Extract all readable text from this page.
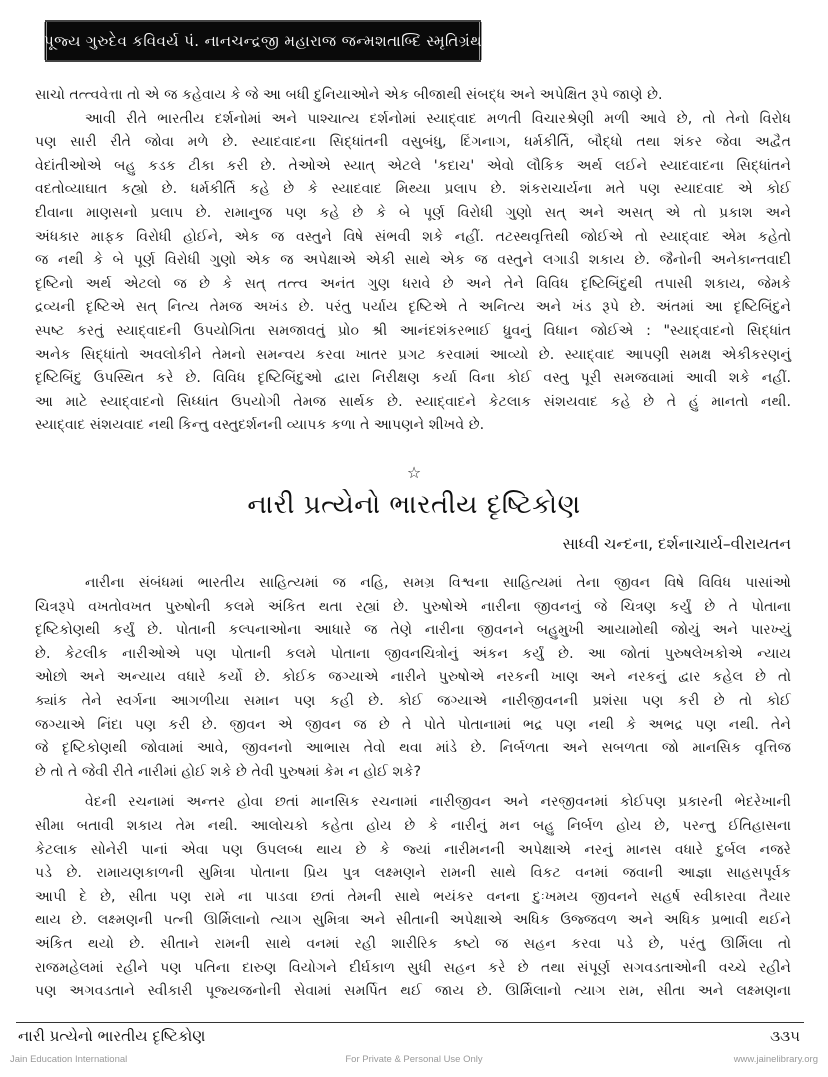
પૂજ્ય ગુરુદેવ કવિવર્ય પં. નાનચન્દ્રજી મહારાજ જન્મશતાબ્દિ સ્મૃતિગ્રંથ

સાચો તત્ત્વવેત્તા તો એ જ કહેવાય કે જે આ બધી દુનિયાઓને એક બીજાથી સંબદ્ધ અને અપેક્ષિત રૂપે જાણે છે.

આવી રીતે ભારતીય દર્શનોમાં અને પાશ્ચાત્ય દર્શનોમાં સ્યાદ્‌વાદ મળતી વિચારશ્રેણી મળી આવે છે, તો તેનો વિરોધ

પણ સારી રીતે જોવા મળે છે. સ્યાદવાદના સિદ્ધાંતની વસુબંધુ, દિંગનાગ, ધર્મકીર્તિ, બૌદ્ધો તથા શંકર જેવા અદ્વૈત

વેદાંતીઓએ બહુ કડક ટીકા કરી છે. તેઓએ સ્યાત્ એટલે 'કદાચ' એવો લૌકિક અર્થ લઈને સ્યાદવાદના સિદ્ધાંતને

વદતોવ્યાઘાત કહ્યો છે. ધર્મકીર્તિ કહે છે કે સ્યાદવાદ મિથ્યા પ્રલાપ છે. શંકરાચાર્યના મતે પણ સ્યાદવાદ એ કોઈ

દીવાના માણસનો પ્રલાપ છે. રામાનુજ પણ કહે છે કે બે પૂર્ણ વિરોધી ગુણો સત્ અને અસત્ એ તો પ્રકાશ અને

અંધકાર માફક વિરોધી હોઈને, એક જ વસ્તુને વિષે સંભવી શકે નહીં. તટસ્થવૃત્તિથી જોઈએ તો સ્યાદ્‌વાદ એમ કહેતો

જ નથી કે બે પૂર્ણ વિરોધી ગુણો એક જ અપેક્ષાએ એકી સાથે એક જ વસ્તુને લગાડી શકાય છે. જૈનોની અનેકાન્તવાદી

દૃષ્ટિનો અર્થ એટલો જ છે કે સત્ તત્ત્વ અનંત ગુણ ધરાવે છે અને તેને વિવિધ દૃષ્ટિબિંદુથી તપાસી શકાય, જેમકે

દ્રવ્યની દૃષ્ટિએ સત્ નિત્ય તેમજ અખંડ છે. પરંતુ પર્યાય દૃષ્ટિએ તે અનિત્ય અને ખંડ રૂપે છે. અંતમાં આ દૃષ્ટિબિંદુને

સ્પષ્ટ કરતું સ્યાદ્‌વાદની ઉપયોગિતા સમજાવતું પ્રો૦ શ્રી આનંદશંકરભાઈ ધ્રુવનું વિધાન જોઈએ : "સ્યાદ્‌વાદનો સિદ્ધાંત

અનેક સિદ્ધાંતો અવલોકીને તેમનો સમન્વય કરવા ખાતર પ્રગટ કરવામાં આવ્યો છે. સ્યાદ્‌વાદ આપણી સમક્ષ એકીકરણનું

દૃષ્ટિબિંદુ ઉપસ્થિત કરે છે. વિવિધ દૃષ્ટિબિંદુઓ દ્વારા નિરીક્ષણ કર્યા વિના કોઈ વસ્તુ પૂરી સમજવામાં આવી શકે નહીં.

આ માટે સ્યાદ્‌વાદનો સિધ્ધાંત ઉપયોગી તેમજ સાર્થક છે. સ્યાદ્‌વાદને કેટલાક સંશયવાદ કહે છે તે હું માનતો નથી.

સ્યાદ્‌વાદ સંશયવાદ નથી કિન્તુ વસ્તુદર્શનની વ્યાપક કળા તે આપણને શીખવે છે.

☆
નારી પ્રત્યેનો ભારતીય દૃષ્ટિકોણ
સાધ્વી ચન્દના, દર્શનાચાર્ય–વીરાયતન

નારીના સંબંધમાં ભારતીય સાહિત્યમાં જ નહિ, સમગ્ર વિશ્વના સાહિત્યમાં તેના જીવન વિષે વિવિધ પાસાંઓ

ચિત્રરૂપે વખતોવખત પુરુષોની કલમે અંકિત થતા રહ્યાં છે. પુરુષોએ નારીના જીવનનું જે ચિત્રણ કર્યું છે તે પોતાના

દૃષ્ટિકોણથી કર્યું છે. પોતાની કલ્પનાઓના આધારે જ તેણે નારીના જીવનને બહુમુખી આયામોથી જોયું અને પારખ્યું

છે. કેટલીક નારીઓએ પણ પોતાની કલમે પોતાના જીવનચિત્રોનું અંકન કર્યું છે. આ જોતાં પુરુષલેખકોએ ન્યાય

ઓછો અને અન્યાય વધારે કર્યો છે. કોઈક જગ્યાએ નારીને પુરુષોએ નરકની ખાણ અને નરકનું દ્વાર કહેલ છે તો

ક્યાંક તેને સ્વર્ગના આગળીયા સમાન પણ કહી છે. કોઈ જગ્યાએ નારીજીવનની પ્રશંસા પણ કરી છે તો કોઈ

જગ્યાએ નિંદા પણ કરી છે. જીવન એ જીવન જ છે તે પોતે પોતાનામાં ભદ્ર પણ નથી કે અભદ્ર પણ નથી. તેને

જે દૃષ્ટિકોણથી જોવામાં આવે, જીવનનો આભાસ તેવો થવા માંડે છે. નિર્બળતા અને સબળતા જો માનસિક વૃત્તિજ

છે તો તે જેવી રીતે નારીમાં હોઈ શકે છે તેવી પુરુષમાં કેમ ન હોઈ શકે?

વેદની રચનામાં અન્તર હોવા છતાં માનસિક રચનામાં નારીજીવન અને નરજીવનમાં કોઈપણ પ્રકારની ભેદરેખાની

સીમા બતાવી શકાય તેમ નથી. આલોચકો કહેતા હોય છે કે નારીનું મન બહુ નિર્બળ હોય છે, પરન્તુ ઈતિહાસના

કેટલાક સોનેરી પાનાં એવા પણ ઉપલબ્ધ થાય છે કે જ્યાં નારીમનની અપેક્ષાએ નરનું માનસ વધારે દુર્બલ નજરે

પડે છે. રામાયણકાળની સુમિત્રા પોતાના પ્રિય પુત્ર લક્ષ્મણને રામની સાથે વિકટ વનમાં જવાની આજ્ઞા સાહસપૂર્વક

આપી દે છે, સીતા પણ રામે ના પાડવા છતાં તેમની સાથે ભયંકર વનના દુઃખમય જીવનને સહર્ષ સ્વીકારવા તૈયાર

થાય છે. લક્ષ્મણની પત્ની ઊર્મિલાનો ત્યાગ સુમિત્રા અને સીતાની અપેક્ષાએ અધિક ઉજ્જવળ અને અધિક પ્રભાવી થઈને

અંકિત થયો છે. સીતાને રામની સાથે વનમાં રહી શારીરિક કષ્ટો જ સહન કરવા પડે છે, પરંતુ ઊર્મિલા તો

રાજમહેલમાં રહીને પણ પતિના દારુણ વિયોગને દીર્ઘકાળ સુધી સહન કરે છે તથા સંપૂર્ણ સગવડતાઓની વચ્ચે રહીને

પણ અગવડતાને સ્વીકારી પૂજ્યજનોની સેવામાં સમર્પિત થઈ જાય છે. ઊર્મિલાનો ત્યાગ રામ, સીતા અને લક્ષ્મણના

નારી પ્રત્યેનો ભારતીય દૃષ્ટિકોણ	૩૩૫
Jain Education International	For Private & Personal Use Only	www.jainelibrary.org
